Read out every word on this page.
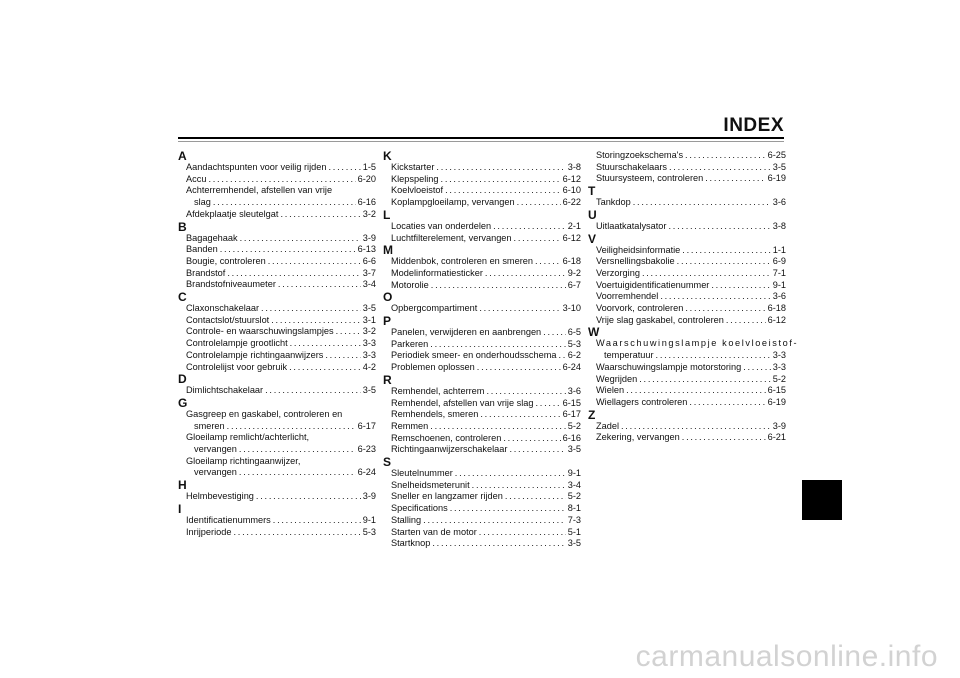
INDEX
A
Aandachtspunten voor veilig rijden . . .	1-5
Accu . . .	6-20
Achterremhendel, afstellen van vrije
slag . . .	6-16
Afdekplaatje sleutelgat . . .	3-2
B
Bagagehaak . . .	3-9
Banden . . .	6-13
Bougie, controleren . . .	6-6
Brandstof . . .	3-7
Brandstofniveaumeter . . .	3-4
C
Claxonschakelaar . . .	3-5
Contactslot/stuurslot . . .	3-1
Controle- en waarschuwingslampjes . . .	3-2
Controlelampje grootlicht . . .	3-3
Controlelampje richtingaanwijzers . . .	3-3
Controlelijst voor gebruik . . .	4-2
D
Dimlichtschakelaar . . .	3-5
G
Gasgreep en gaskabel, controleren en
smeren . . .	6-17
Gloeilamp remlicht/achterlicht,
vervangen . . .	6-23
Gloeilamp richtingaanwijzer,
vervangen . . .	6-24
H
Helmbevestiging . . .	3-9
I
Identificatienummers . . .	9-1
Inrijperiode . . .	5-3
K
Kickstarter . . .	3-8
Klepspeling . . .	6-12
Koelvloeistof . . .	6-10
Koplampgloeilamp, vervangen . . .	6-22
L
Locaties van onderdelen . . .	2-1
Luchtfilterelement, vervangen . . .	6-12
M
Middenbok, controleren en smeren . . .	6-18
Modelinformatiesticker . . .	9-2
Motorolie . . .	6-7
O
Opbergcompartiment . . .	3-10
P
Panelen, verwijderen en aanbrengen . . .	6-5
Parkeren . . .	5-3
Periodiek smeer- en onderhoudsschema . . . 6-2
Problemen oplossen . . .	6-24
R
Remhendel, achterrem . . .	3-6
Remhendel, afstellen van vrije slag . . .	6-15
Remhendels, smeren . . .	6-17
Remmen . . .	5-2
Remschoenen, controleren . . .	6-16
Richtingaanwijzerschakelaar . . .	3-5
S
Sleutelnummer . . .	9-1
Snelheidsmeterunit . . .	3-4
Sneller en langzamer rijden . . .	5-2
Specifications . . .	8-1
Stalling . . .	7-3
Starten van de motor . . .	5-1
Startknop . . .	3-5
Storingzoekschema's . . .	6-25
Stuurschakelaars . . .	3-5
Stuursysteem, controleren . . .	6-19
T
Tankdop . . .	3-6
U
Uitlaatkatalysator . . .	3-8
V
Veiligheidsinformatie . . .	1-1
Versnellingsbakolie . . .	6-9
Verzorging . . .	7-1
Voertuigidentificatienummer . . .	9-1
Voorremhendel . . .	3-6
Voorvork, controleren . . .	6-18
Vrije slag gaskabel, controleren . . .	6-12
W
Waarschuwingslampje koelvloeistof-
temperatuur . . .	3-3
Waarschuwingslampje motorstoring . . .	3-3
Wegrijden . . .	5-2
Wielen . . .	6-15
Wiellagers controleren . . .	6-19
Z
Zadel . . .	3-9
Zekering, vervangen . . .	6-21
carmanualsonline.info
